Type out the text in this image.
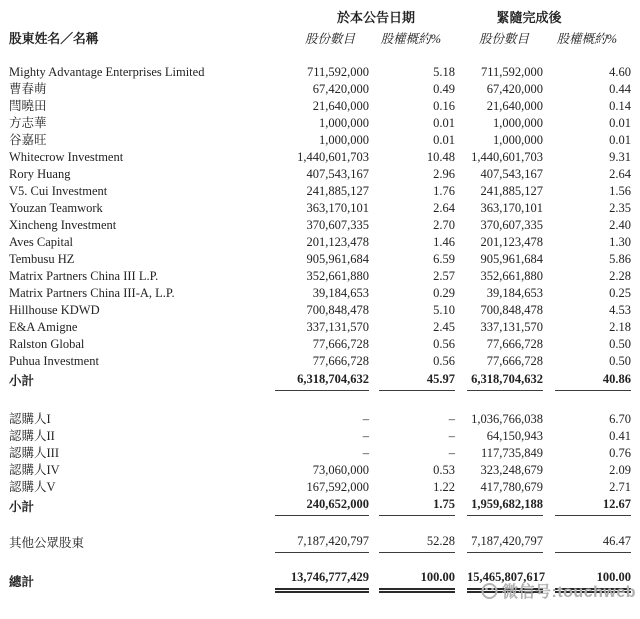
	於本公告日期				緊隨完成後		
股東姓名／名稱	股份數目		股權概約%		股份數目		股權概約%

Mighty Advantage Enterprises Limited	711,592,000		5.18		711,592,000		4.60
曹春萌	67,420,000		0.49		67,420,000		0.44
閆曉田	21,640,000		0.16		21,640,000		0.14
方志華	1,000,000		0.01		1,000,000		0.01
谷嘉旺	1,000,000		0.01		1,000,000		0.01
Whitecrow Investment	1,440,601,703		10.48		1,440,601,703		9.31
Rory Huang	407,543,167		2.96		407,543,167		2.64
V5. Cui Investment	241,885,127		1.76		241,885,127		1.56
Youzan Teamwork	363,170,101		2.64		363,170,101		2.35
Xincheng Investment	370,607,335		2.70		370,607,335		2.40
Aves Capital	201,123,478		1.46		201,123,478		1.30
Tembusu HZ	905,961,684		6.59		905,961,684		5.86
Matrix Partners China III L.P.	352,661,880		2.57		352,661,880		2.28
Matrix Partners China III-A, L.P.	39,184,653		0.29		39,184,653		0.25
Hillhouse KDWD	700,848,478		5.10		700,848,478		4.53
E&A Amigne	337,131,570		2.45		337,131,570		2.18
Ralston Global	77,666,728		0.56		77,666,728		0.50
Puhua Investment	77,666,728		0.56		77,666,728		0.50
小計	6,318,704,632		45.97		6,318,704,632		40.86

認購人I	–		–		1,036,766,038		6.70
認購人II	–		–		64,150,943		0.41
認購人III	–		–		117,735,849		0.76
認購人IV	73,060,000		0.53		323,248,679		2.09
認購人V	167,592,000		1.22		417,780,679		2.71
小計	240,652,000		1.75		1,959,682,188		12.67

其他公眾股東	7,187,420,797		52.28		7,187,420,797		46.47

總計	13,746,777,429		100.00		15,465,807,617		100.00
微信号:touchweb
